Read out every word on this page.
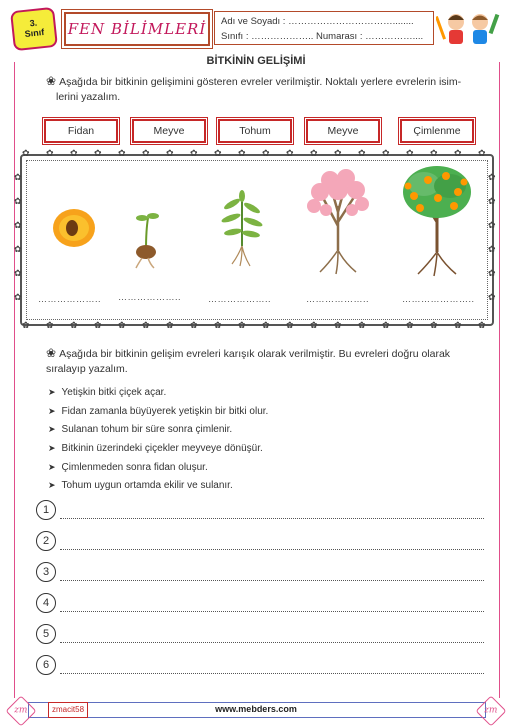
3.
Sınıf FEN BİLİMLERİ	Adı ve Soyadı : ……………………………........
Sınıfı : ……………….. Numarası : ……………....
BİTKİNİN GELİŞİMİ
❀ Aşağıda bir bitkinin gelişimini gösteren evreler verilmiştir. Noktalı yerlere evrelerin isim-
lerini yazalım.
Fidan	Meyve	Tohum	Meyve	Çimlenme
……………….. ………………..	………………..	………………..	…………………..
❀ Aşağıda bir bitkinin gelişim evreleri karışık olarak verilmiştir. Bu evreleri doğru olarak
sıralayıp yazalım.
➤ Yetişkin bitki çiçek açar.
➤ Fidan zamanla büyüyerek yetişkin bir bitki olur.
➤ Sulanan tohum bir süre sonra çimlenir.
➤ Bitkinin üzerindeki çiçekler meyveye dönüşür.
➤ Çimlenmeden sonra fidan oluşur.
➤ Tohum uygun ortamda ekilir ve sulanır.
1
2
3
4
5
6
zmacit58	www.mebders.com
zm	zm
✿
✿
✿
✿
✿
✿
✿
✿
✿
✿
✿
✿
✿
✿
✿
✿
✿
✿
✿
✿
✿
✿
✿
✿
✿
✿
✿
✿
✿
✿
✿
✿
✿
✿
✿
✿
✿
✿
✿
✿
✿	✿
✿	✿
✿	✿
✿	✿
✿	✿
✿	✿
